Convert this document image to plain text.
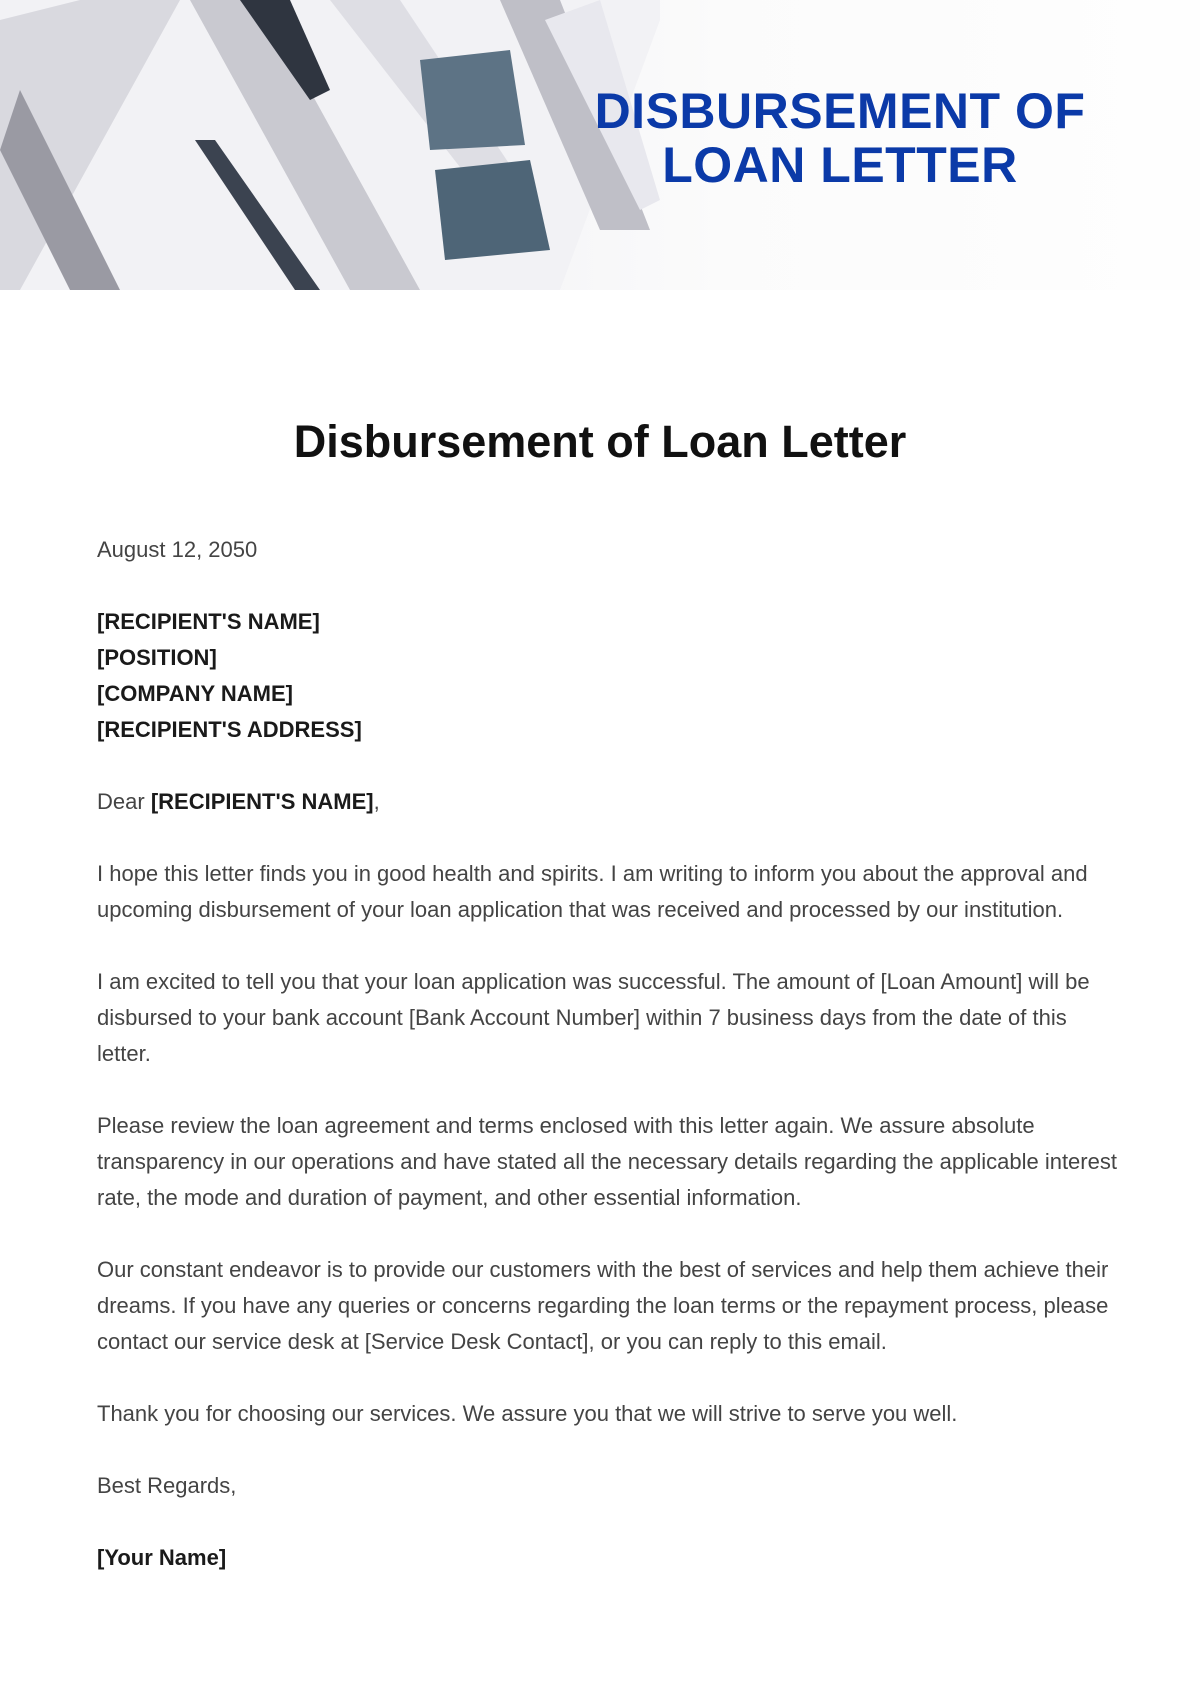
DISBURSEMENT OF
LOAN LETTER
Disbursement of Loan Letter

August 12, 2050

[RECIPIENT'S NAME]
[POSITION]
[COMPANY NAME]
[RECIPIENT'S ADDRESS]

Dear [RECIPIENT'S NAME],

I hope this letter finds you in good health and spirits. I am writing to inform you about the approval and upcoming disbursement of your loan application that was received and processed by our institution.

I am excited to tell you that your loan application was successful. The amount of [Loan Amount] will be disbursed to your bank account [Bank Account Number] within 7 business days from the date of this letter.

Please review the loan agreement and terms enclosed with this letter again. We assure absolute transparency in our operations and have stated all the necessary details regarding the applicable interest rate, the mode and duration of payment, and other essential information.

Our constant endeavor is to provide our customers with the best of services and help them achieve their dreams. If you have any queries or concerns regarding the loan terms or the repayment process, please contact our service desk at [Service Desk Contact], or you can reply to this email.

Thank you for choosing our services. We assure you that we will strive to serve you well.

Best Regards,

[Your Name]
